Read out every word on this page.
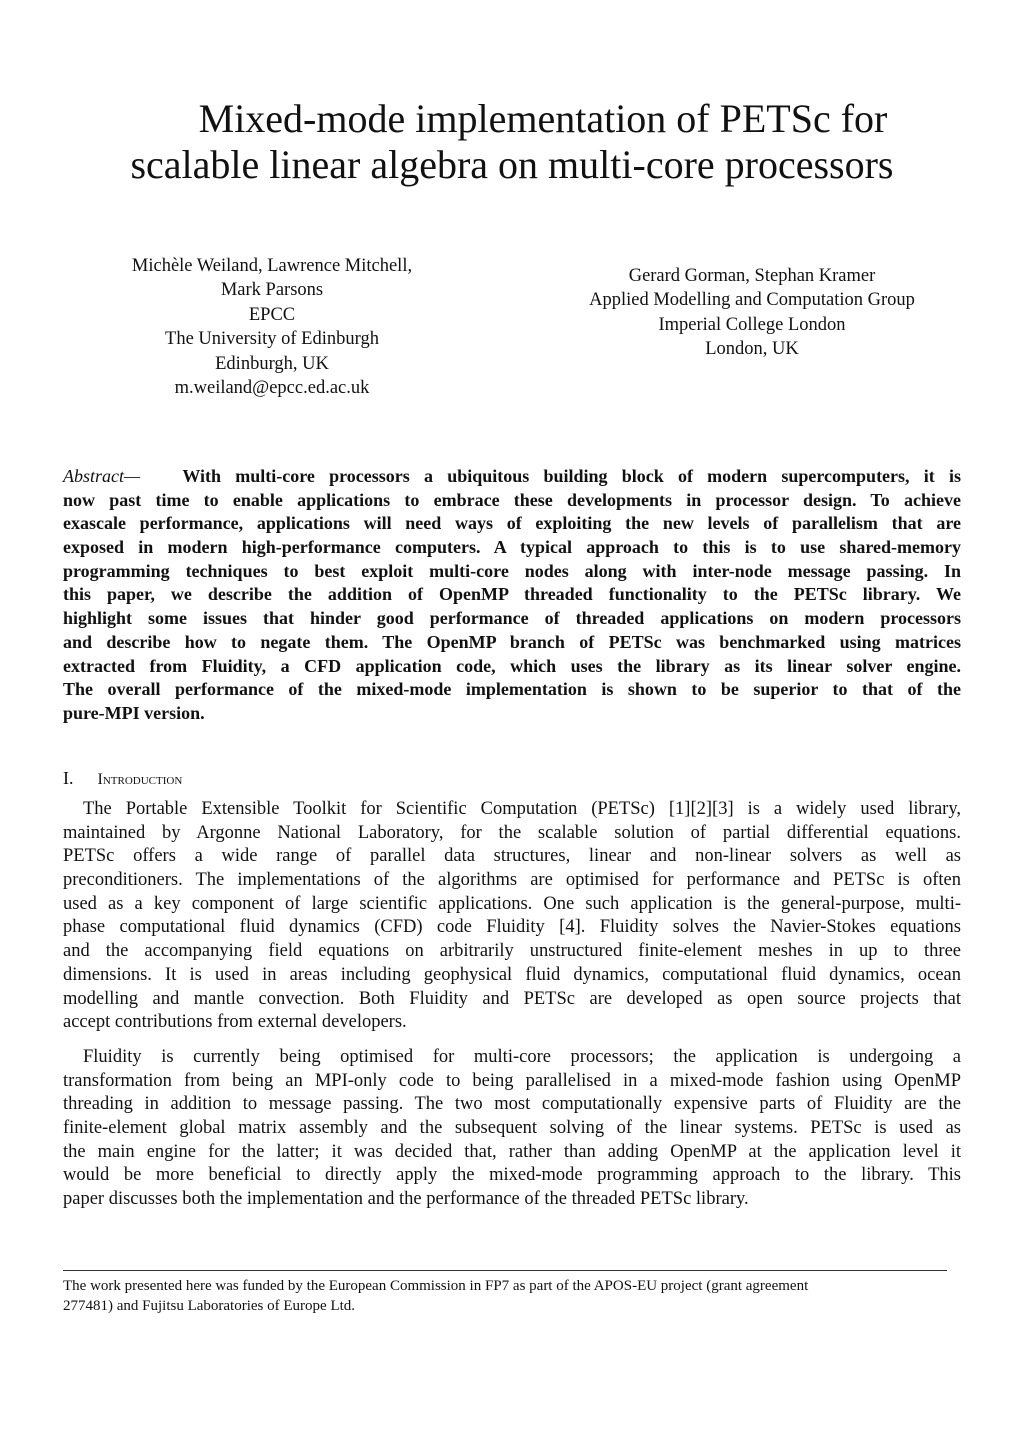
Mixed-mode implementation of PETSc for
scalable linear algebra on multi-core processors
Michèle Weiland, Lawrence Mitchell,
Mark Parsons
EPCC
The University of Edinburgh
Edinburgh, UK
m.weiland@epcc.ed.ac.uk
Gerard Gorman, Stephan Kramer
Applied Modelling and Computation Group
Imperial College London
London, UK
Abstract— With multi-core processors a ubiquitous building block of modern supercomputers, it is
now past time to enable applications to embrace these developments in processor design. To achieve
exascale performance, applications will need ways of exploiting the new levels of parallelism that are
exposed in modern high-performance computers. A typical approach to this is to use shared-memory
programming techniques to best exploit multi-core nodes along with inter-node message passing. In
this paper, we describe the addition of OpenMP threaded functionality to the PETSc library. We
highlight some issues that hinder good performance of threaded applications on modern processors
and describe how to negate them. The OpenMP branch of PETSc was benchmarked using matrices
extracted from Fluidity, a CFD application code, which uses the library as its linear solver engine.
The overall performance of the mixed-mode implementation is shown to be superior to that of the
pure-MPI version.
I. Introduction
The Portable Extensible Toolkit for Scientific Computation (PETSc) [1][2][3] is a widely used library,
maintained by Argonne National Laboratory, for the scalable solution of partial differential equations.
PETSc offers a wide range of parallel data structures, linear and non-linear solvers as well as
preconditioners. The implementations of the algorithms are optimised for performance and PETSc is often
used as a key component of large scientific applications. One such application is the general-purpose, multi-
phase computational fluid dynamics (CFD) code Fluidity [4]. Fluidity solves the Navier-Stokes equations
and the accompanying field equations on arbitrarily unstructured finite-element meshes in up to three
dimensions. It is used in areas including geophysical fluid dynamics, computational fluid dynamics, ocean
modelling and mantle convection. Both Fluidity and PETSc are developed as open source projects that
accept contributions from external developers.
Fluidity is currently being optimised for multi-core processors; the application is undergoing a
transformation from being an MPI-only code to being parallelised in a mixed-mode fashion using OpenMP
threading in addition to message passing. The two most computationally expensive parts of Fluidity are the
finite-element global matrix assembly and the subsequent solving of the linear systems. PETSc is used as
the main engine for the latter; it was decided that, rather than adding OpenMP at the application level it
would be more beneficial to directly apply the mixed-mode programming approach to the library. This
paper discusses both the implementation and the performance of the threaded PETSc library.
The work presented here was funded by the European Commission in FP7 as part of the APOS-EU project (grant agreement
277481) and Fujitsu Laboratories of Europe Ltd.
